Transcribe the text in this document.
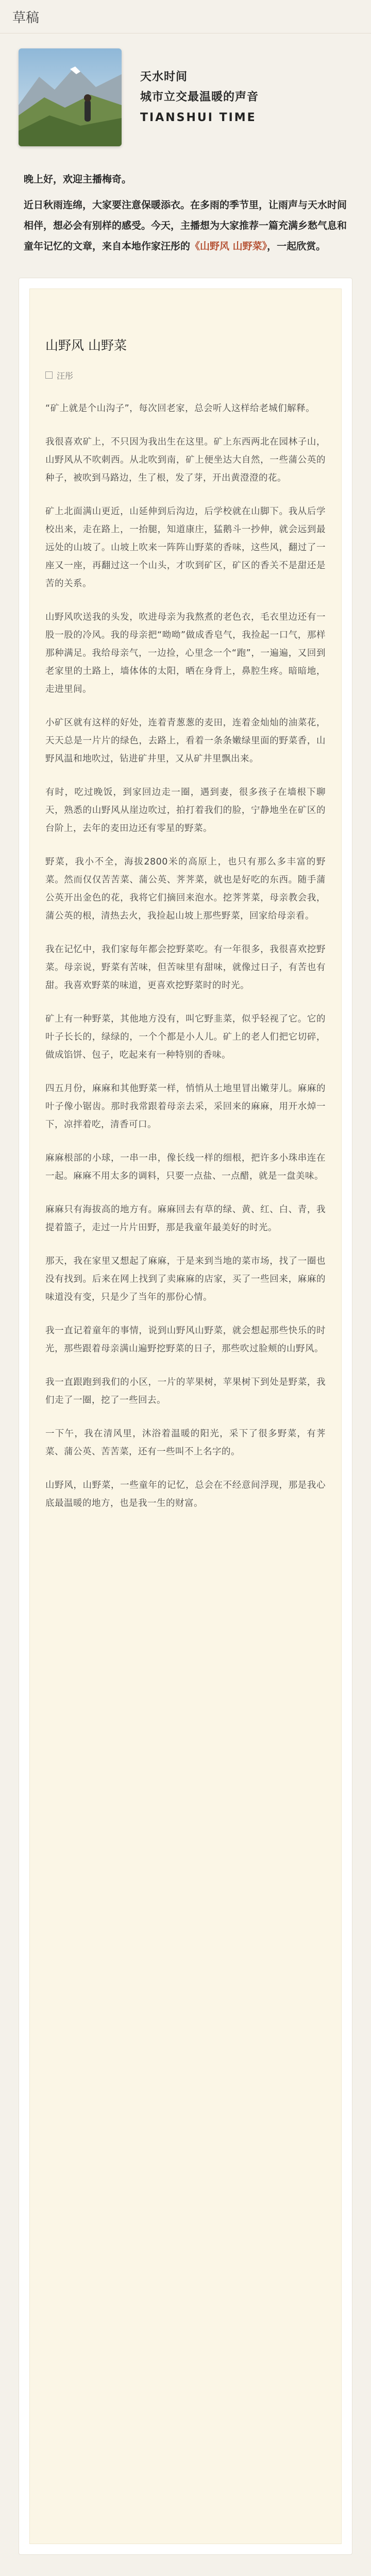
草稿
天水时间
城市立交最温暖的声音
TIANSHUI TIME

晚上好，欢迎主播梅奇。

近日秋雨连绵，大家要注意保暖添衣。在多雨的季节里，让雨声与天水时间相伴，想必会有别样的感受。今天，主播想为大家推荐一篇充满乡愁气息和童年记忆的文章，来自本地作家汪彤的《山野风 山野菜》，一起欣赏。

山野风 山野菜
汪彤

“矿上就是个山沟子”，每次回老家，总会听人这样给老城们解释。

我很喜欢矿上，不只因为我出生在这里。矿上东西两北在园林子山，山野风从不吹刺西。从北吹到南，矿上便坐达大自然，一些蒲公英的种子，被吹到马路边，生了根，发了芽，开出黄澄澄的花。

矿上北面满山更近，山延伸到后沟边，后学校就在山脚下。我从后学校出来，走在路上，一抬腿，知道康庄，猛鹅斗一抄伸，就会远到最远处的山坡了。山坡上吹来一阵阵山野菜的香味，这些风，翻过了一座又一座，再翻过这一个山头，才吹到矿区，矿区的香关不是甜还是苦的关系。

山野风吹送我的头发，吹进母亲为我熬煮的老色衣，毛衣里边还有一股一股的冷风。我的母亲把“呦呦”做成香皂气，我捡起一口气，那样那种满足。我给母亲气，一边捡，心里念一个“跑”，一遍遍，又回到老家里的土路上，墙体体的太阳，晒在身背上，鼻腔生疼。暗暗地，走进里间。

小矿区就有这样的好处，连着青葱葱的麦田，连着金灿灿的油菜花，天天总是一片片的绿色，去路上，看着一条条嫩绿里面的野菜香，山野风温和地吹过，钻进矿井里，又从矿井里飘出来。

有时，吃过晚饭，到家回边走一圈，遇到妻，很多孩子在墙根下聊天，熟悉的山野风从崖边吹过，拍打着我们的脸，宁静地坐在矿区的台阶上，去年的麦田边还有零星的野菜。

野菜，我小不全，海拔2800米的高原上，也只有那么多丰富的野菜。然而仅仅苦苦菜、蒲公英、荠荠菜，就也是好吃的东西。随手蒲公英开出金色的花，我将它们摘回来泡水。挖荠荠菜，母亲教会我，蒲公英的根，清热去火，我捡起山坡上那些野菜，回家给母亲看。

我在记忆中，我们家每年都会挖野菜吃。有一年很多，我很喜欢挖野菜。母亲说，野菜有苦味，但苦味里有甜味，就像过日子，有苦也有甜。我喜欢野菜的味道，更喜欢挖野菜时的时光。

矿上有一种野菜，其他地方没有，叫它野韭菜，似乎轻视了它。它的叶子长长的，绿绿的，一个个都是小人儿。矿上的老人们把它切碎，做成馅饼、包子，吃起来有一种特别的香味。

四五月份，麻麻和其他野菜一样，悄悄从土地里冒出嫩芽儿。麻麻的叶子像小锯齿。那时我常跟着母亲去采，采回来的麻麻，用开水焯一下，凉拌着吃，清香可口。

麻麻根部的小球，一串一串，像长线一样的细根，把许多小珠串连在一起。麻麻不用太多的调料，只要一点盐、一点醋，就是一盘美味。

麻麻只有海拔高的地方有。麻麻回去有草的绿、黄、红、白、青，我提着篮子，走过一片片田野，那是我童年最美好的时光。

那天，我在家里又想起了麻麻，于是来到当地的菜市场，找了一圈也没有找到。后来在网上找到了卖麻麻的店家，买了一些回来，麻麻的味道没有变，只是少了当年的那份心情。

我一直记着童年的事情，说到山野风山野菜，就会想起那些快乐的时光，那些跟着母亲满山遍野挖野菜的日子，那些吹过脸颊的山野风。

我一直跟跑到我们的小区，一片的苹果树，苹果树下到处是野菜，我们走了一圈，挖了一些回去。

一下午，我在清风里，沐浴着温暖的阳光，采下了很多野菜，有荠菜、蒲公英、苦苦菜，还有一些叫不上名字的。

山野风，山野菜，一些童年的记忆，总会在不经意间浮现，那是我心底最温暖的地方，也是我一生的财富。
